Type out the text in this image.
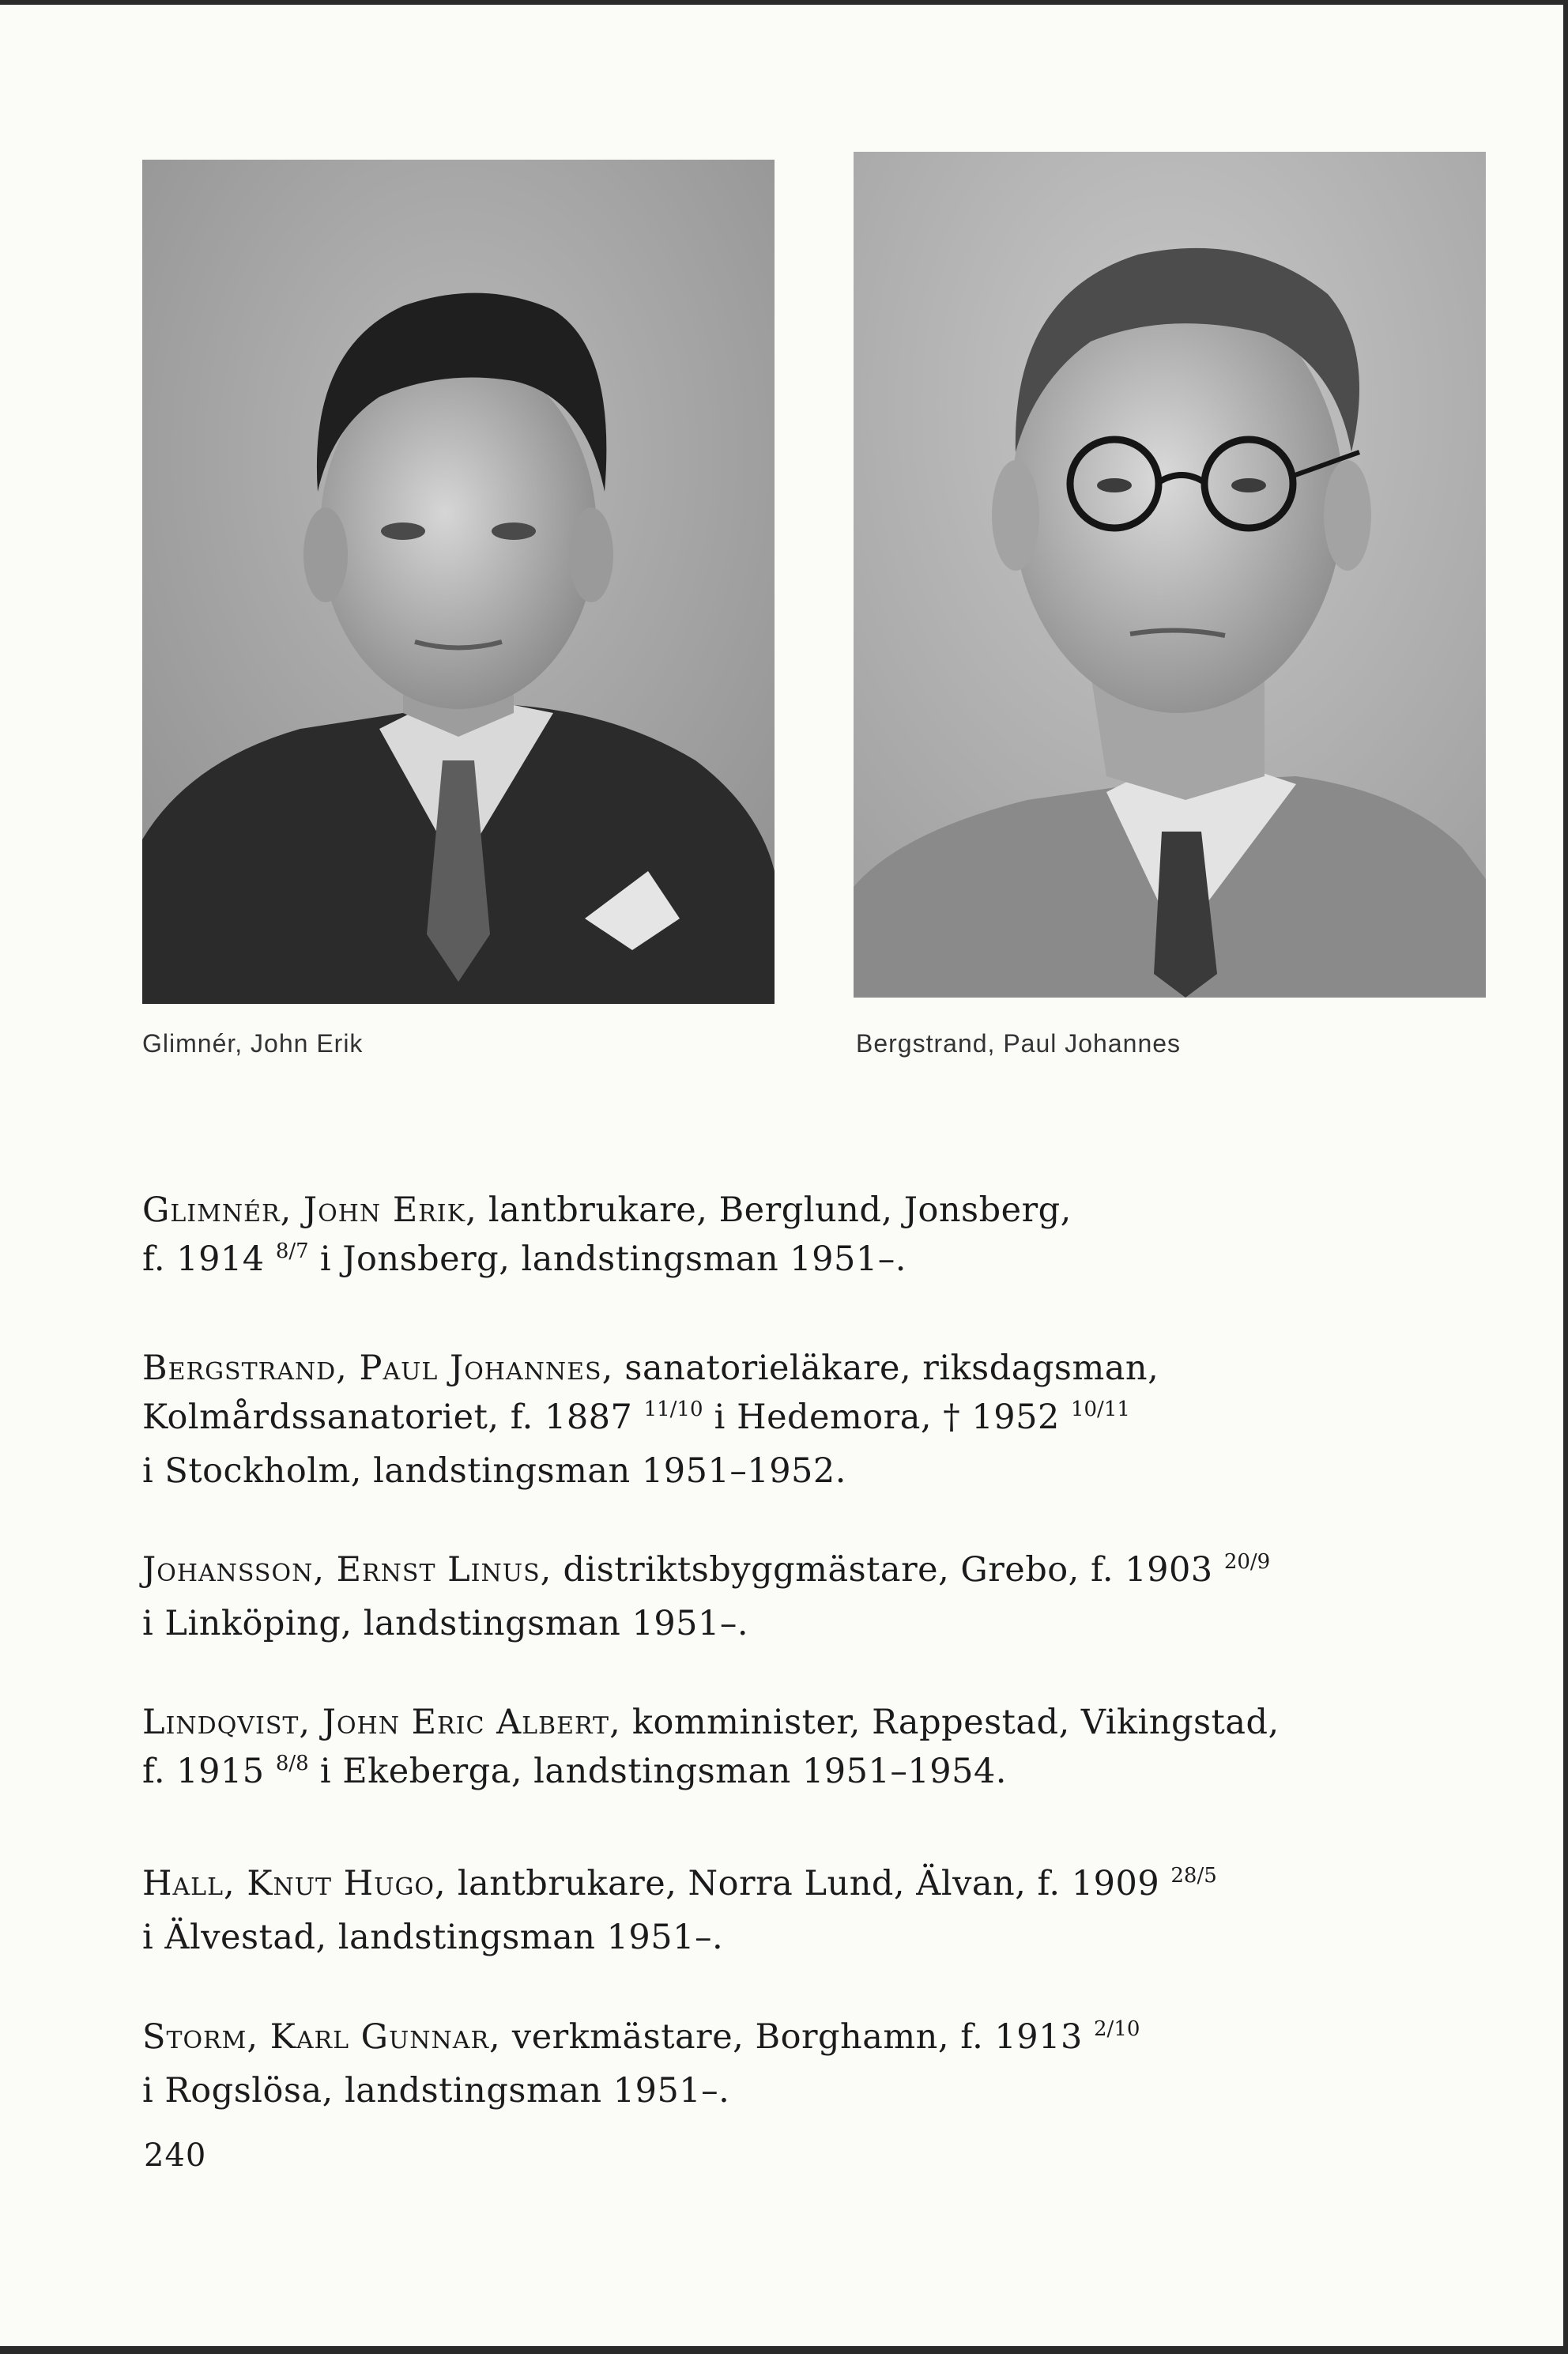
Glimnér, John Erik	Bergstrand, Paul Johannes

Glimnér, John Erik, lantbrukare, Berglund, Jonsberg,

f. 1914 $^{8/7}$ i Jonsberg, landstingsman 1951–.

Bergstrand, Paul Johannes, sanatorieläkare, riksdagsman,

Kolmårdssanatoriet, f. 1887 $^{11/10}$ i Hedemora, † 1952 $^{10/11}$

i Stockholm, landstingsman 1951–1952.

Johansson, Ernst Linus, distriktsbyggmästare, Grebo, f. 1903 $^{20/9}$

i Linköping, landstingsman 1951–.

Lindqvist, John Eric Albert, komminister, Rappestad, Vikingstad,

f. 1915 $^{8/8}$ i Ekeberga, landstingsman 1951–1954.

Hall, Knut Hugo, lantbrukare, Norra Lund, Älvan, f. 1909 $^{28/5}$

i Älvestad, landstingsman 1951–.

Storm, Karl Gunnar, verkmästare, Borghamn, f. 1913 $^{2/10}$

i Rogslösa, landstingsman 1951–.

240
